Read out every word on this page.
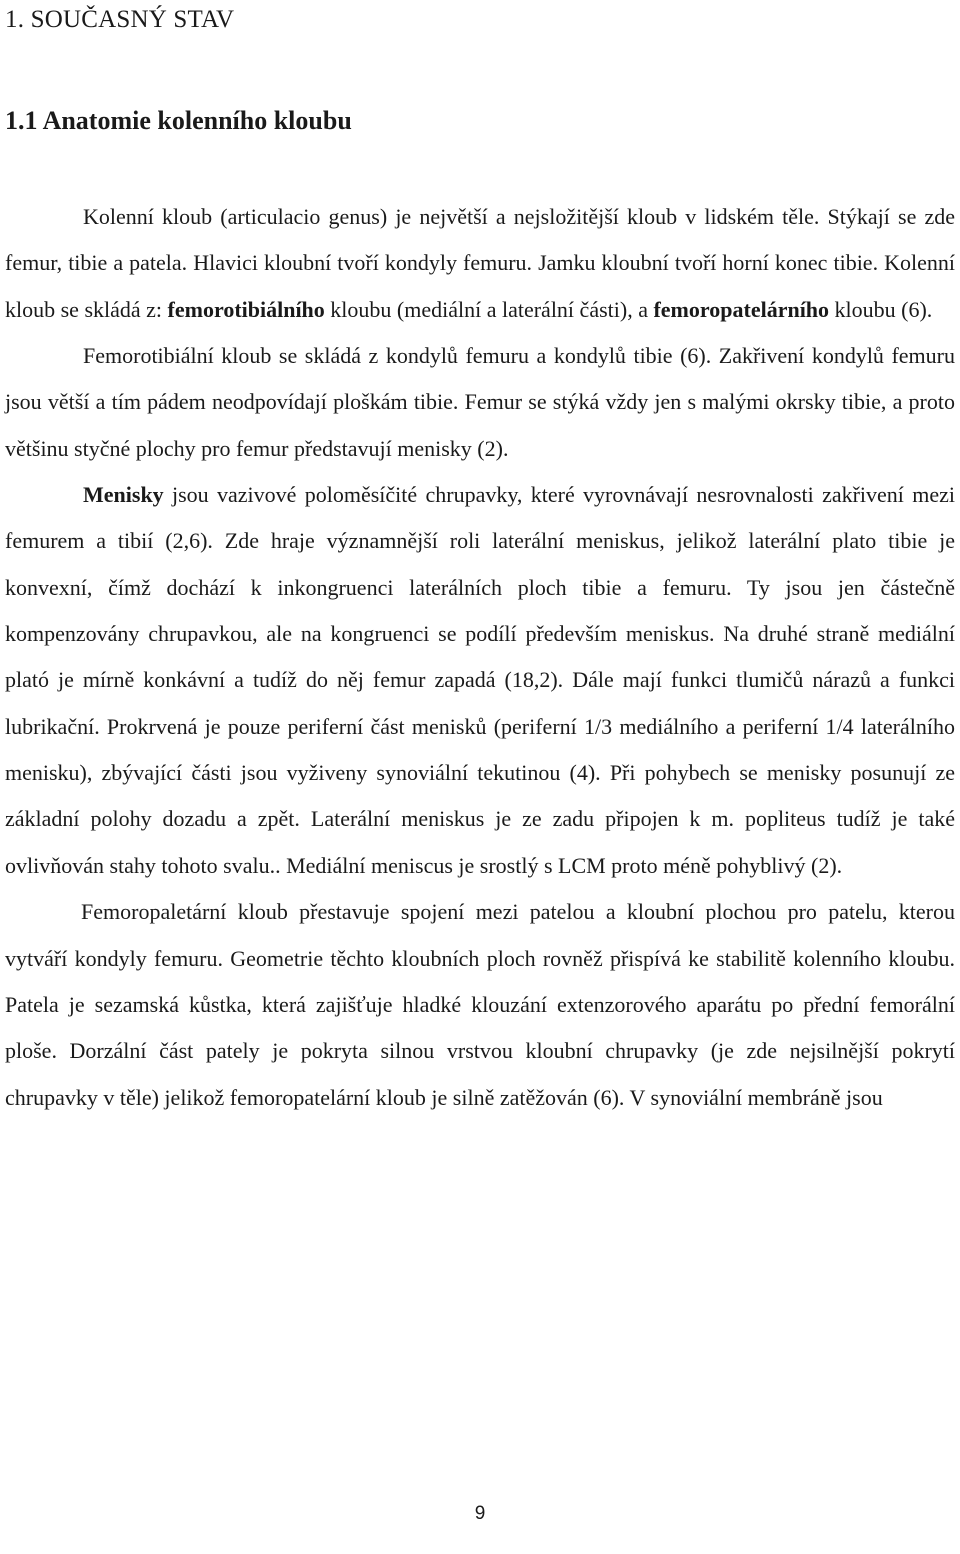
1. SOUČASNÝ STAV
1.1 Anatomie kolenního kloubu

Kolenní kloub (articulacio genus) je největší a nejsložitější kloub v lidském těle. Stýkají se zde femur, tibie a patela. Hlavici kloubní tvoří kondyly femuru. Jamku kloubní tvoří horní konec tibie. Kolenní kloub se skládá z: femorotibiálního kloubu (mediální a laterální části), a femoropatelárního kloubu (6).

Femorotibiální kloub se skládá z kondylů femuru a kondylů tibie (6). Zakřivení kondylů femuru jsou větší a tím pádem neodpovídají ploškám tibie. Femur se stýká vždy jen s malými okrsky tibie, a proto většinu styčné plochy pro femur představují menisky (2).

Menisky jsou vazivové poloměsíčité chrupavky, které vyrovnávají nesrovnalosti zakřivení mezi femurem a tibií (2,6). Zde hraje významnější roli laterální meniskus, jelikož laterální plato tibie je konvexní, čímž dochází k inkongruenci laterálních ploch tibie a femuru. Ty jsou jen částečně kompenzovány chrupavkou, ale na kongruenci se podílí především meniskus. Na druhé straně mediální plató je mírně konkávní a tudíž do něj femur zapadá (18,2). Dále mají funkci tlumičů nárazů a funkci lubrikační. Prokrvená je pouze periferní část menisků (periferní 1/3 mediálního a periferní 1/4 laterálního menisku), zbývající části jsou vyživeny synoviální tekutinou (4). Při pohybech se menisky posunují ze základní polohy dozadu a zpět. Laterální meniskus je ze zadu připojen k m. popliteus tudíž je také ovlivňován stahy tohoto svalu.. Mediální meniscus je srostlý s LCM proto méně pohyblivý (2).

Femoropaletární kloub přestavuje spojení mezi patelou a kloubní plochou pro patelu, kterou vytváří kondyly femuru. Geometrie těchto kloubních ploch rovněž přispívá ke stabilitě kolenního kloubu. Patela je sezamská kůstka, která zajišťuje hladké klouzání extenzorového aparátu po přední femorální ploše. Dorzální část pately je pokryta silnou vrstvou kloubní chrupavky (je zde nejsilnější pokrytí chrupavky v těle) jelikož femoropatelární kloub je silně zatěžován (6). V synoviální membráně jsou

9
